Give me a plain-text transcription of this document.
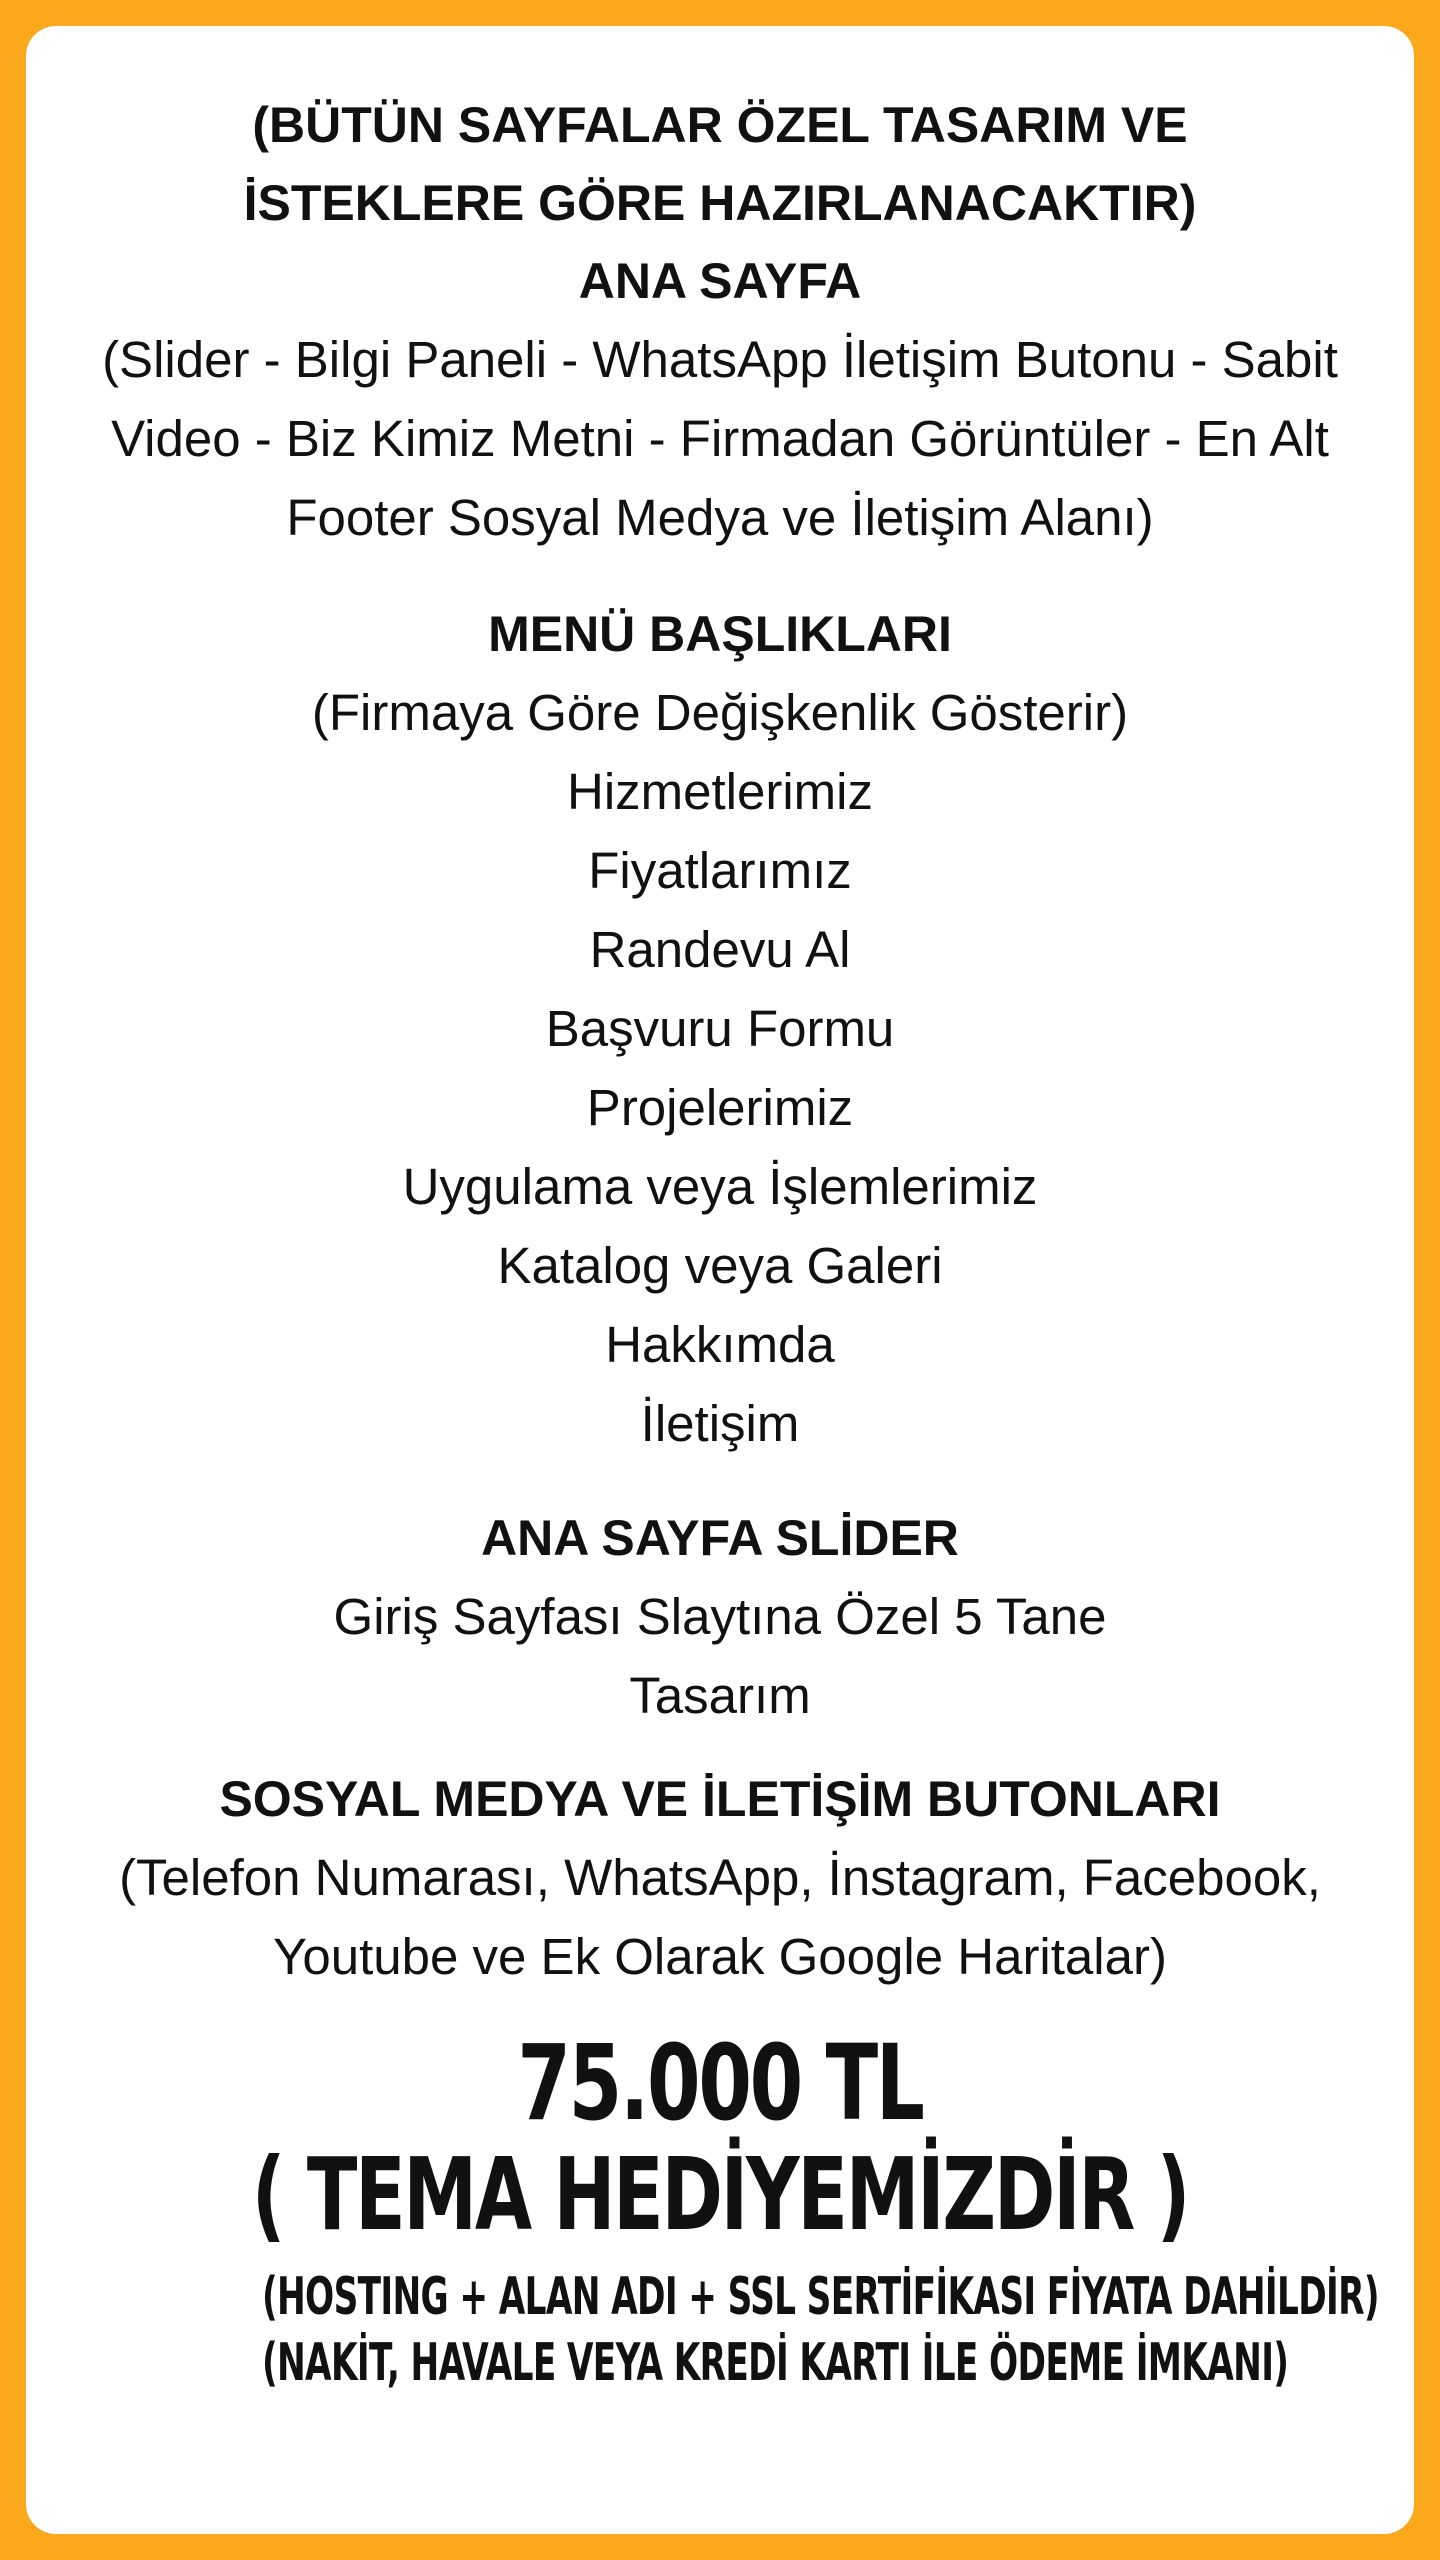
(BÜTÜN SAYFALAR ÖZEL TASARIM VE
İSTEKLERE GÖRE HAZIRLANACAKTIR)
ANA SAYFA

(Slider - Bilgi Paneli - WhatsApp İletişim Butonu - Sabit Video - Biz Kimiz Metni - Firmadan Görüntüler - En Alt Footer Sosyal Medya ve İletişim Alanı)

MENÜ BAŞLIKLARI

(Firmaya Göre Değişkenlik Gösterir)

Hizmetlerimiz
Fiyatlarımız
Randevu Al
Başvuru Formu
Projelerimiz
Uygulama veya İşlemlerimiz
Katalog veya Galeri
Hakkımda
İletişim
ANA SAYFA SLİDER

Giriş Sayfası Slaytına Özel 5 Tane Tasarım

SOSYAL MEDYA VE İLETİŞİM BUTONLARI

(Telefon Numarası, WhatsApp, İnstagram, Facebook, Youtube ve Ek Olarak Google Haritalar)

75.000 TL
( TEMA HEDİYEMİZDİR )
(HOSTING + ALAN ADI + SSL SERTİFİKASI FİYATA DAHİLDİR)
(NAKİT, HAVALE VEYA KREDİ KARTI İLE ÖDEME İMKANI)
